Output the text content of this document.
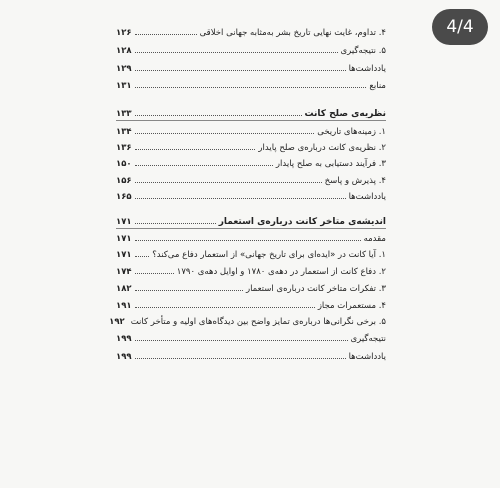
4/4
۴. تداوم، غایت نهایی تاریخ بشر به‌مثابه جهانی اخلاقی
۱۲۶
۵. نتیجه‌گیری
۱۲۸
یادداشت‌ها
۱۲۹
منابع
۱۳۱
نظریه‌ی صلح کانت
۱۳۳
۱. زمینه‌های تاریخی
۱۳۴
۲. نظریه‌ی کانت درباره‌ی صلح پایدار
۱۳۶
۳. فرآیند دستیابی به صلح پایدار
۱۵۰
۴. پذیرش و پاسخ
۱۵۶
یادداشت‌ها
۱۶۵
اندیشه‌ی متاخر کانت درباره‌ی استعمار
۱۷۱
مقدمه
۱۷۱
۱. آیا کانت در «ایده‌ای برای تاریخ جهانی» از استعمار دفاع می‌کند؟
۱۷۱
۲. دفاع کانت از استعمار در دهه‌ی ۱۷۸۰ و اوایل دهه‌ی ۱۷۹۰
۱۷۴
۳. تفکرات متاخر کانت درباره‌ی استعمار
۱۸۲
۴. مستعمرات مجاز
۱۹۱
۵. برخی نگرانی‌ها درباره‌ی تمایز واضح بین دیدگاه‌های اولیه و متأخر کانت
۱۹۲
نتیجه‌گیری
۱۹۹
یادداشت‌ها
۱۹۹
